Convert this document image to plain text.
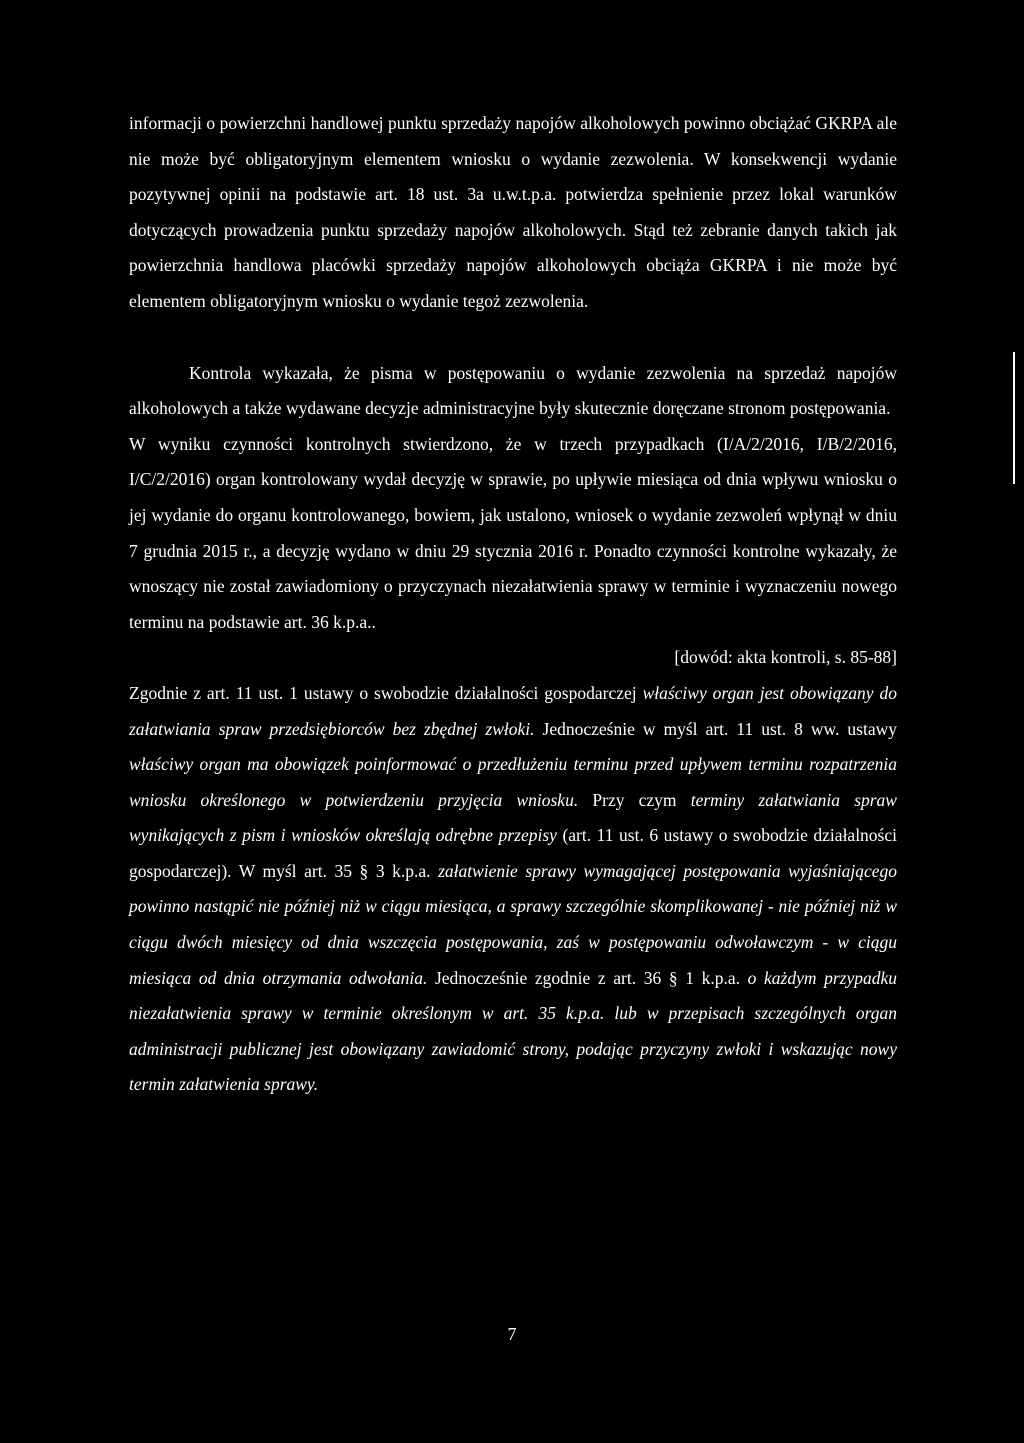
informacji o powierzchni handlowej punktu sprzedaży napojów alkoholowych powinno obciążać GKRPA ale nie może być obligatoryjnym elementem wniosku o wydanie zezwolenia. W konsekwencji wydanie pozytywnej opinii na podstawie art. 18 ust. 3a u.w.t.p.a. potwierdza spełnienie przez lokal warunków dotyczących prowadzenia punktu sprzedaży napojów alkoholowych. Stąd też zebranie danych takich jak powierzchnia handlowa placówki sprzedaży napojów alkoholowych obciąża GKRPA i nie może być elementem obligatoryjnym wniosku o wydanie tegoż zezwolenia.

Kontrola wykazała, że pisma w postępowaniu o wydanie zezwolenia na sprzedaż napojów alkoholowych a także wydawane decyzje administracyjne były skutecznie doręczane stronom postępowania.

W wyniku czynności kontrolnych stwierdzono, że w trzech przypadkach (I/A/2/2016, I/B/2/2016, I/C/2/2016) organ kontrolowany wydał decyzję w sprawie, po upływie miesiąca od dnia wpływu wniosku o jej wydanie do organu kontrolowanego, bowiem, jak ustalono, wniosek o wydanie zezwoleń wpłynął w dniu 7 grudnia 2015 r., a decyzję wydano w dniu 29 stycznia 2016 r. Ponadto czynności kontrolne wykazały, że wnoszący nie został zawiadomiony o przyczynach niezałatwienia sprawy w terminie i wyznaczeniu nowego terminu na podstawie art. 36 k.p.a..

[dowód: akta kontroli, s. 85-88]

Zgodnie z art. 11 ust. 1 ustawy o swobodzie działalności gospodarczej właściwy organ jest obowiązany do załatwiania spraw przedsiębiorców bez zbędnej zwłoki. Jednocześnie w myśl art. 11 ust. 8 ww. ustawy właściwy organ ma obowiązek poinformować o przedłużeniu terminu przed upływem terminu rozpatrzenia wniosku określonego w potwierdzeniu przyjęcia wniosku. Przy czym terminy załatwiania spraw wynikających z pism i wniosków określają odrębne przepisy (art. 11 ust. 6 ustawy o swobodzie działalności gospodarczej). W myśl art. 35 § 3 k.p.a. załatwienie sprawy wymagającej postępowania wyjaśniającego powinno nastąpić nie później niż w ciągu miesiąca, a sprawy szczególnie skomplikowanej - nie później niż w ciągu dwóch miesięcy od dnia wszczęcia postępowania, zaś w postępowaniu odwoławczym - w ciągu miesiąca od dnia otrzymania odwołania. Jednocześnie zgodnie z art. 36 § 1 k.p.a. o każdym przypadku niezałatwienia sprawy w terminie określonym w art. 35 k.p.a. lub w przepisach szczególnych organ administracji publicznej jest obowiązany zawiadomić strony, podając przyczyny zwłoki i wskazując nowy termin załatwienia sprawy.

7
